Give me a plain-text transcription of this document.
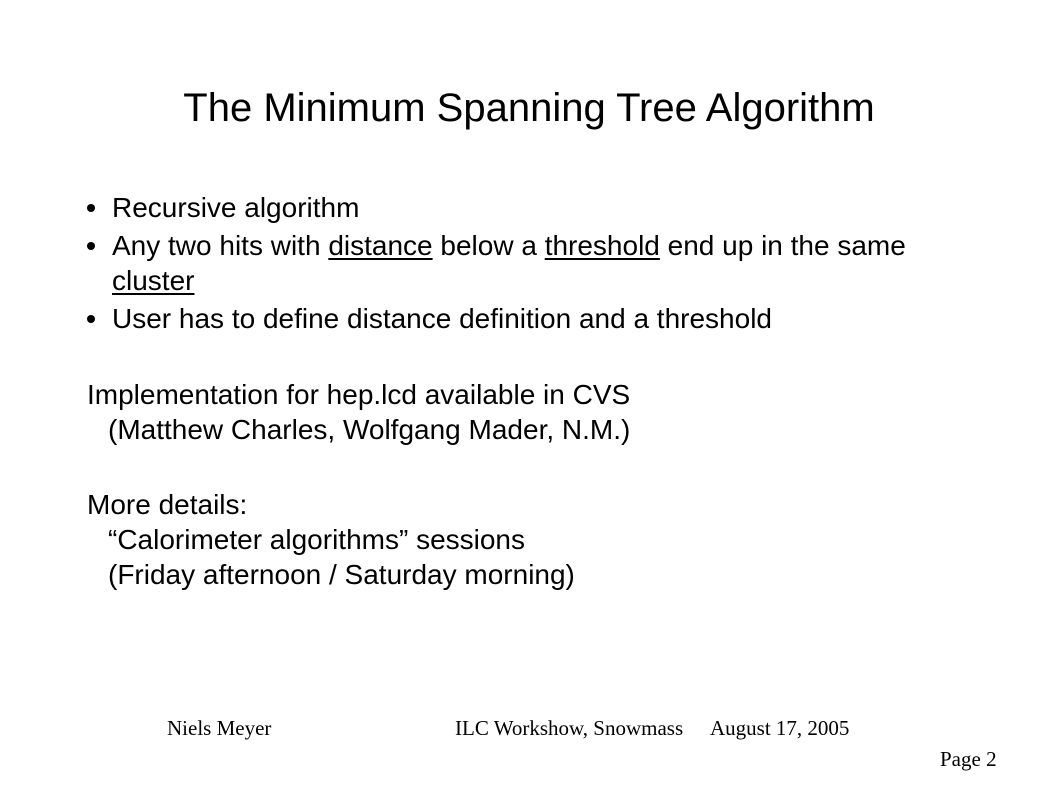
The Minimum Spanning Tree Algorithm
Recursive algorithm
Any two hits with distance below a threshold end up in the same cluster
User has to define distance definition and a threshold
Implementation for hep.lcd available in CVS
(Matthew Charles, Wolfgang Mader, N.M.)
More details:
“Calorimeter algorithms” sessions
(Friday afternoon / Saturday morning)
Niels Meyer	ILC Workshow, Snowmass August 17, 2005
Page 2
